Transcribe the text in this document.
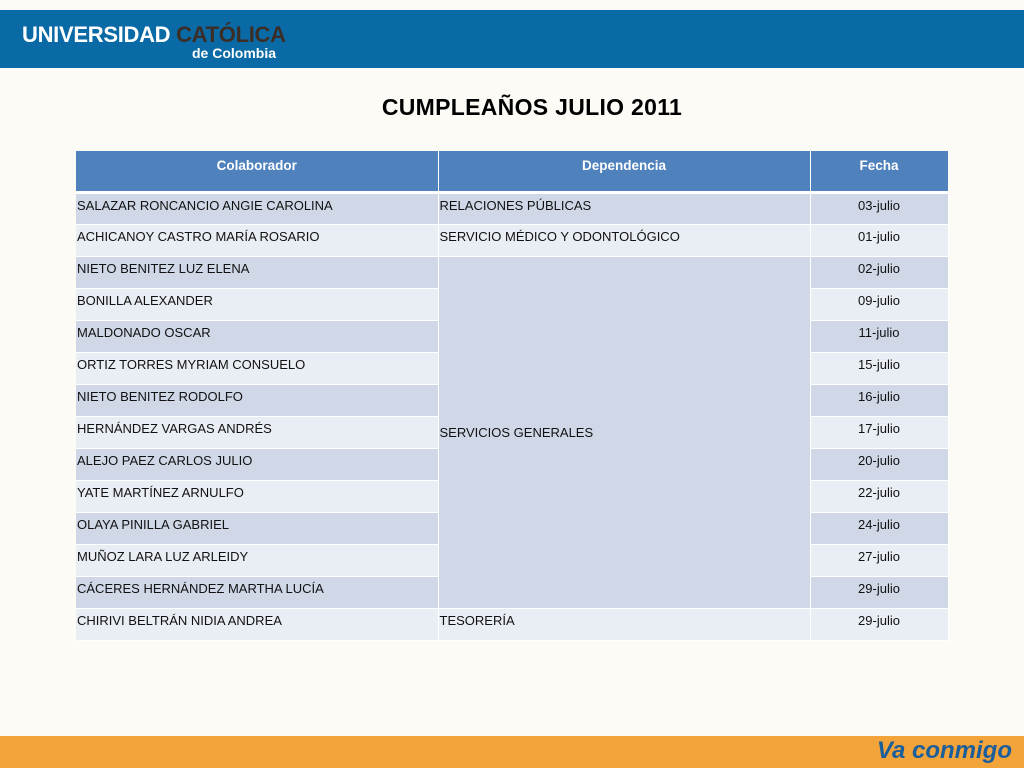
UNIVERSIDAD CATÓLICA
de Colombia
CUMPLEAÑOS JULIO 2011
Colaborador	Dependencia	Fecha
SALAZAR RONCANCIO ANGIE CAROLINA	RELACIONES PÚBLICAS	03-julio
ACHICANOY CASTRO MARÍA ROSARIO	SERVICIO MÉDICO Y ODONTOLÓGICO	01-julio
NIETO BENITEZ LUZ ELENA	SERVICIOS GENERALES	02-julio
BONILLA ALEXANDER		09-julio
MALDONADO OSCAR		11-julio
ORTIZ TORRES MYRIAM CONSUELO		15-julio
NIETO BENITEZ RODOLFO		16-julio
HERNÁNDEZ VARGAS ANDRÉS		17-julio
ALEJO PAEZ CARLOS JULIO		20-julio
YATE MARTÍNEZ ARNULFO		22-julio
OLAYA PINILLA GABRIEL		24-julio
MUÑOZ LARA LUZ ARLEIDY		27-julio
CÁCERES HERNÁNDEZ MARTHA LUCÍA		29-julio
CHIRIVI BELTRÁN NIDIA ANDREA	TESORERÍA	29-julio
Va conmigo
